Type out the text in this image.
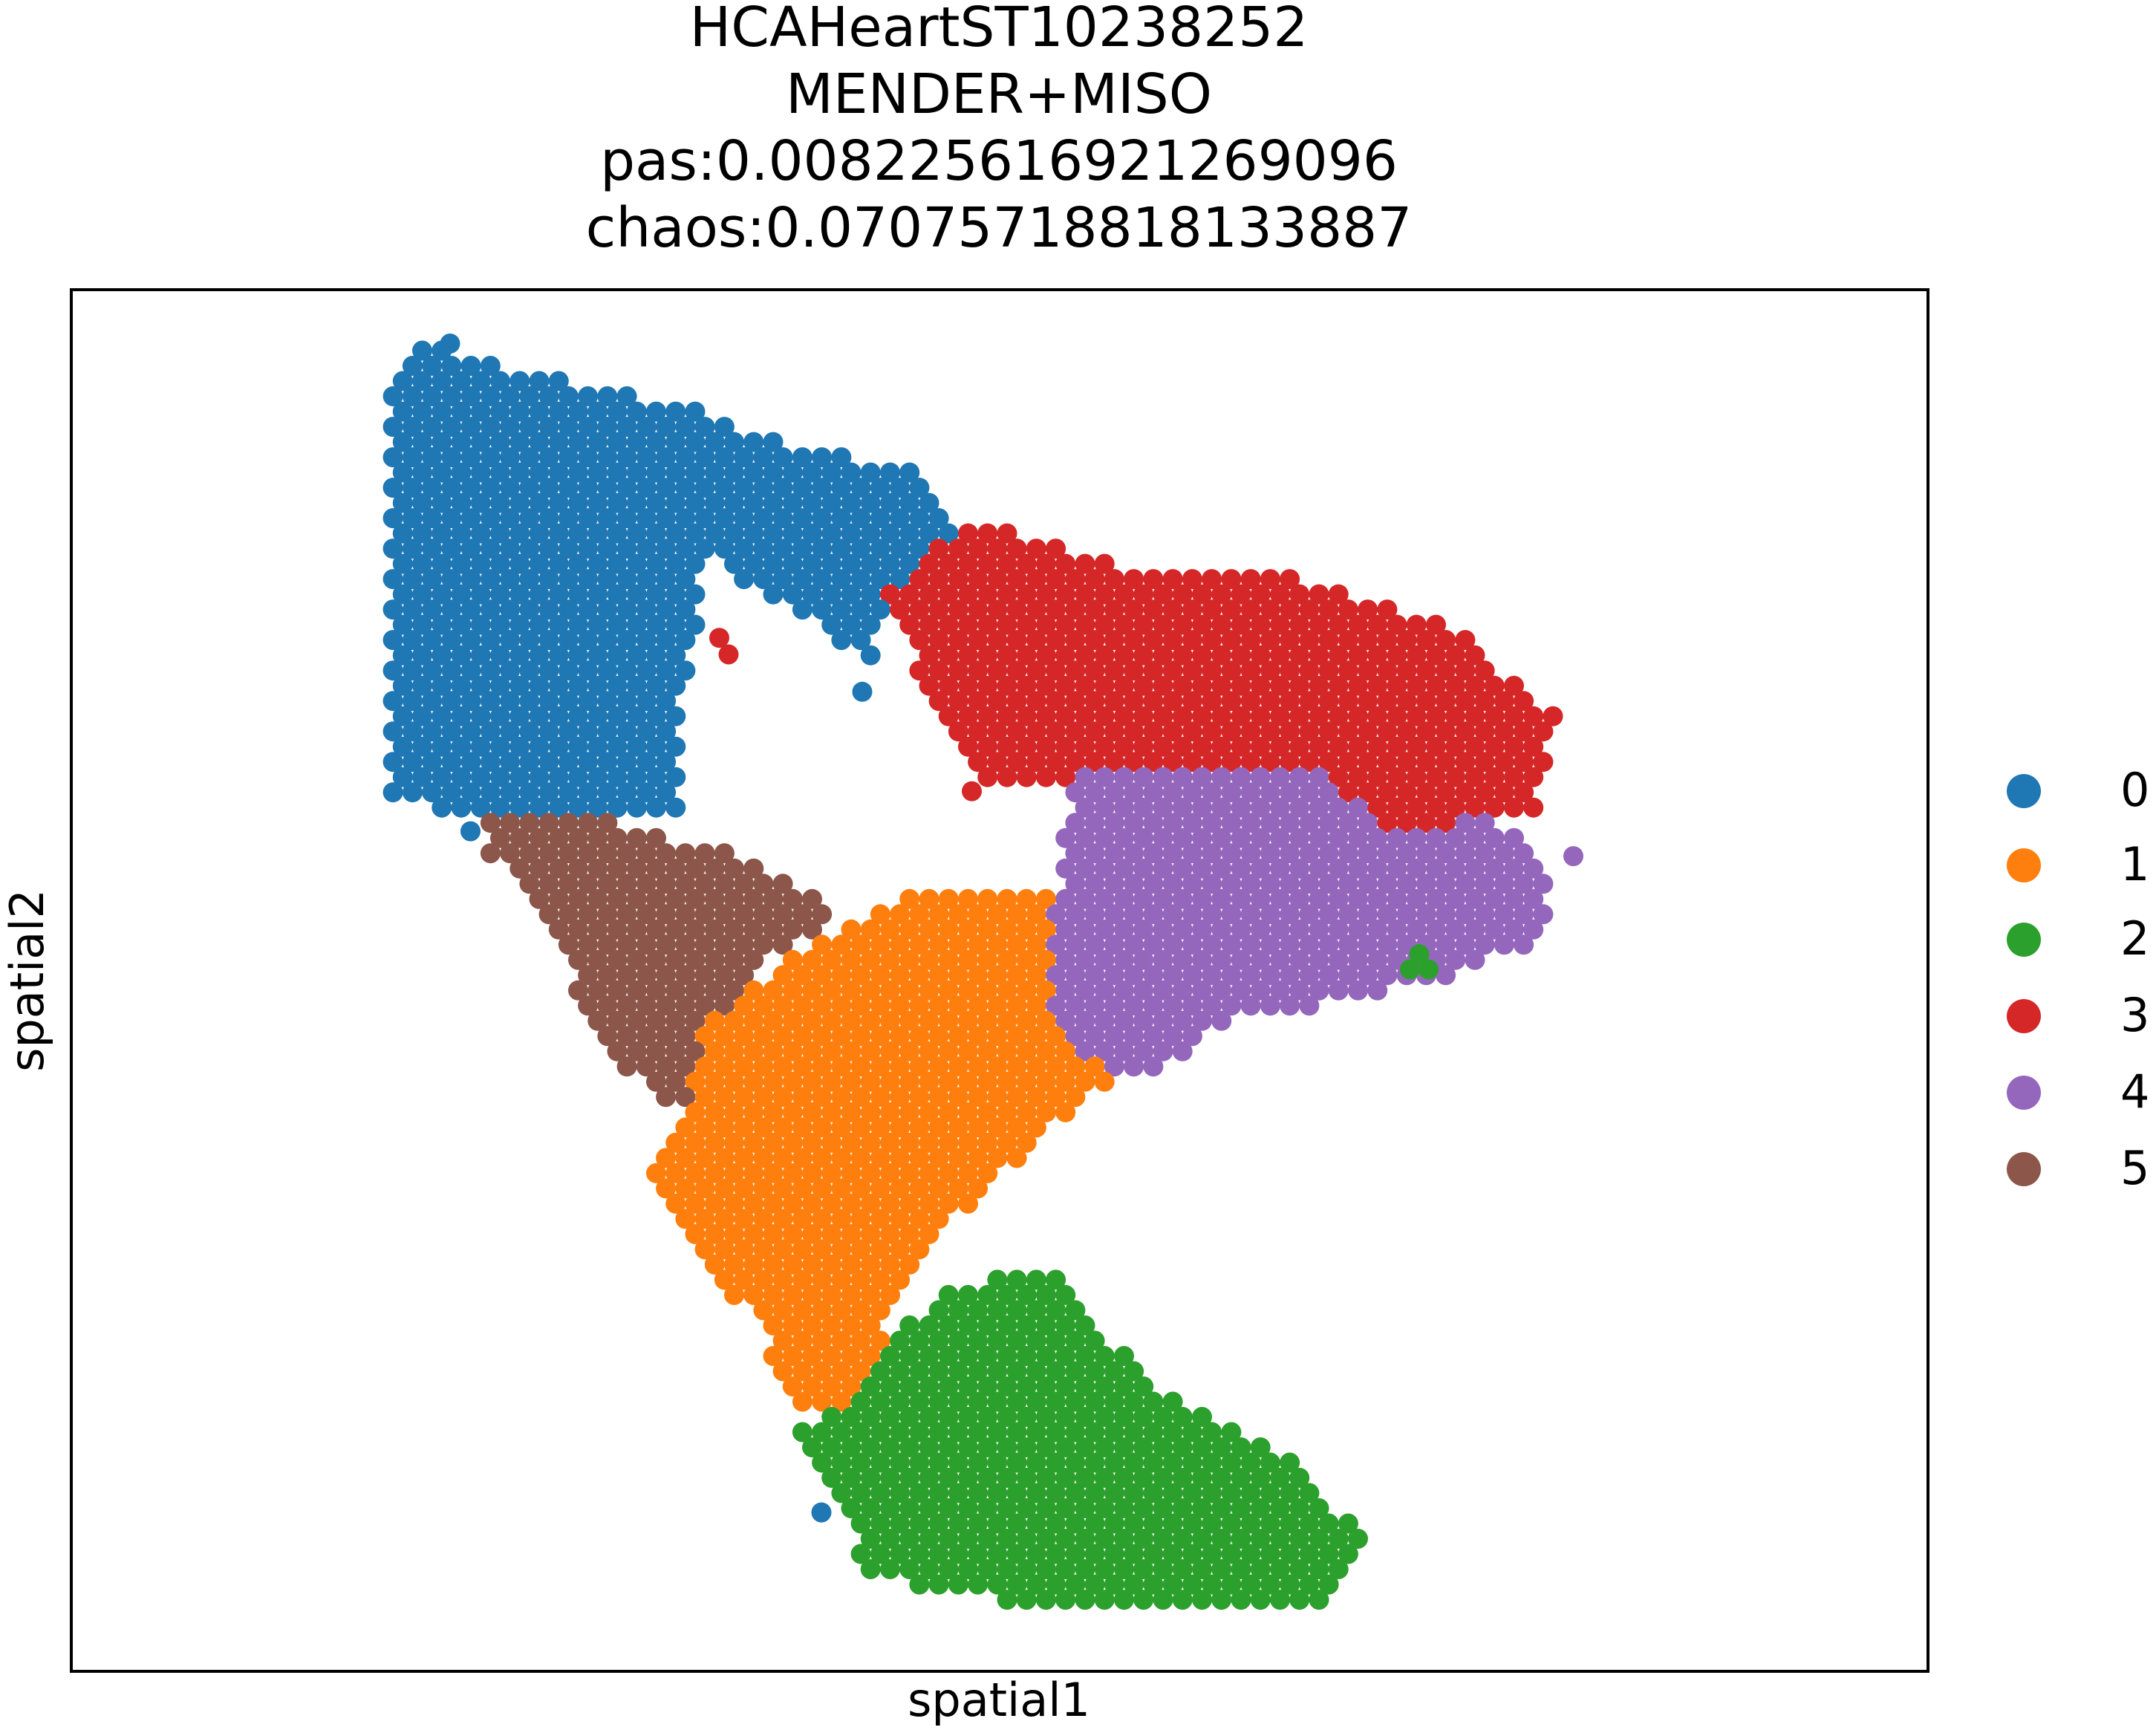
HCAHeartST10238252
MENDER+MISO
pas:0.008225616921269096
chaos:0.07075718818133887
spatial1
spatial2
0
1
2
3
4
5
